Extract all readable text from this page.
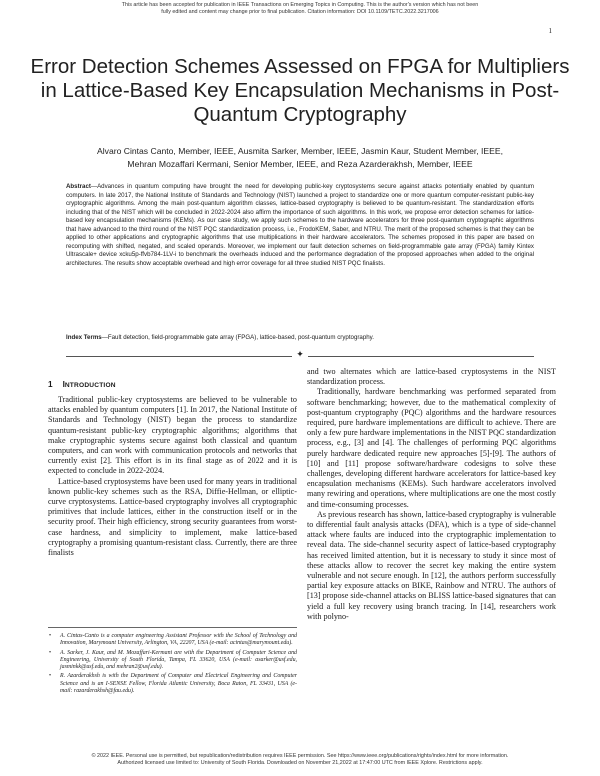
This article has been accepted for publication in IEEE Transactions on Emerging Topics in Computing. This is the author's version which has not been fully edited and content may change prior to final publication. Citation information: DOI 10.1109/TETC.2022.3217006
1
Error Detection Schemes Assessed on FPGA for Multipliers in Lattice-Based Key Encapsulation Mechanisms in Post-Quantum Cryptography

Alvaro Cintas Canto, Member, IEEE, Ausmita Sarker, Member, IEEE, Jasmin Kaur, Student Member, IEEE,

Mehran Mozaffari Kermani, Senior Member, IEEE, and Reza Azarderakhsh, Member, IEEE

Abstract—Advances in quantum computing have brought the need for developing public-key cryptosystems secure against attacks potentially enabled by quantum computers. In late 2017, the National Institute of Standards and Technology (NIST) launched a project to standardize one or more quantum computer-resistant public-key cryptographic algorithms. Among the main post-quantum algorithm classes, lattice-based cryptography is believed to be quantum-resistant. The standardization efforts including that of the NIST which will be concluded in 2022-2024 also affirm the importance of such algorithms. In this work, we propose error detection schemes for lattice-based key encapsulation mechanisms (KEMs). As our case study, we apply such schemes to the hardware accelerators for three post-quantum cryptographic algorithms that have advanced to the third round of the NIST PQC standardization process, i.e., FrodoKEM, Saber, and NTRU. The merit of the proposed schemes is that they can be applied to other applications and cryptographic algorithms that use multiplications in their hardware accelerators. The schemes proposed in this paper are based on recomputing with shifted, negated, and scaled operands. Moreover, we implement our fault detection schemes on field-programmable gate array (FPGA) family Kintex Ultrascale+ device xcku5p-ffvb784-1LV-i to benchmark the overheads induced and the performance degradation of the proposed approaches when added to the original architectures. The results show acceptable overhead and high error coverage for all three studied NIST PQC finalists.

Index Terms—Fault detection, field-programmable gate array (FPGA), lattice-based, post-quantum cryptography.

✦
1 INTRODUCTION

Traditional public-key cryptosystems are believed to be vulnerable to attacks enabled by quantum computers [1]. In 2017, the National Institute of Standards and Technology (NIST) began the process to standardize quantum-resistant public-key cryptographic algorithms; algorithms that make cryptographic systems secure against both classical and quantum computers, and can work with communication protocols and networks that currently exist [2]. This effort is in its final stage as of 2022 and it is expected to conclude in 2022-2024.

Lattice-based cryptosystems have been used for many years in traditional known public-key schemes such as the RSA, Diffie-Hellman, or elliptic-curve cryptosystems. Lattice-based cryptography involves all cryptographic primitives that include lattices, either in the construction itself or in the security proof. Their high efficiency, strong security guarantees from worst-case hardness, and simplicity to implement, make lattice-based cryptography a promising quantum-resistant class. Currently, there are three finalists

• A. Cintas-Canto is a computer engineering Assistant Professor with the School of Technology and Innovation, Marymount University, Arlington, VA, 22207, USA (e-mail: acintas@marymount.edu).

• A. Sarker, J. Kaur, and M. Mozaffari-Kermani are with the Department of Computer Science and Engineering, University of South Florida, Tampa, FL 33620, USA (e-mail: asarker@usf.edu, jasminkk@usf.edu, and mehran2@usf.edu).

• R. Azarderakhsh is with the Department of Computer and Electrical Engineering and Computer Science and is an I-SENSE Fellow, Florida Atlantic University, Boca Raton, FL 33431, USA (e-mail: razarderakhsh@fau.edu).

and two alternates which are lattice-based cryptosystems in the NIST standardization process.

Traditionally, hardware benchmarking was performed separated from software benchmarking; however, due to the mathematical complexity of post-quantum cryptography (PQC) algorithms and the hardware resources required, pure hardware implementations are difficult to achieve. There are only a few pure hardware implementations in the NIST PQC standardization process, e.g., [3] and [4]. The challenges of performing PQC algorithms purely hardware dedicated require new approaches [5]-[9]. The authors of [10] and [11] propose software/hardware codesigns to solve these challenges, developing different hardware accelerators for lattice-based key encapsulation mechanisms (KEMs). Such hardware accelerators involved many rewiring and operations, where multiplications are one the most costly and time-consuming processes.

As previous research has shown, lattice-based cryptography is vulnerable to differential fault analysis attacks (DFA), which is a type of side-channel attack where faults are induced into the cryptographic implementation to reveal data. The side-channel security aspect of lattice-based cryptography has received limited attention, but it is necessary to study it since most of these attacks allow to recover the secret key making the entire system vulnerable and not secure enough. In [12], the authors perform successfully partial key exposure attacks on BIKE, Rainbow and NTRU. The authors of [13] propose side-channel attacks on BLISS lattice-based signatures that can yield a full key recovery using branch tracing. In [14], researchers work with polyno-

© 2022 IEEE. Personal use is permitted, but republication/redistribution requires IEEE permission. See https://www.ieee.org/publications/rights/index.html for more information.

Authorized licensed use limited to: University of South Florida. Downloaded on November 21,2022 at 17:47:00 UTC from IEEE Xplore. Restrictions apply.
